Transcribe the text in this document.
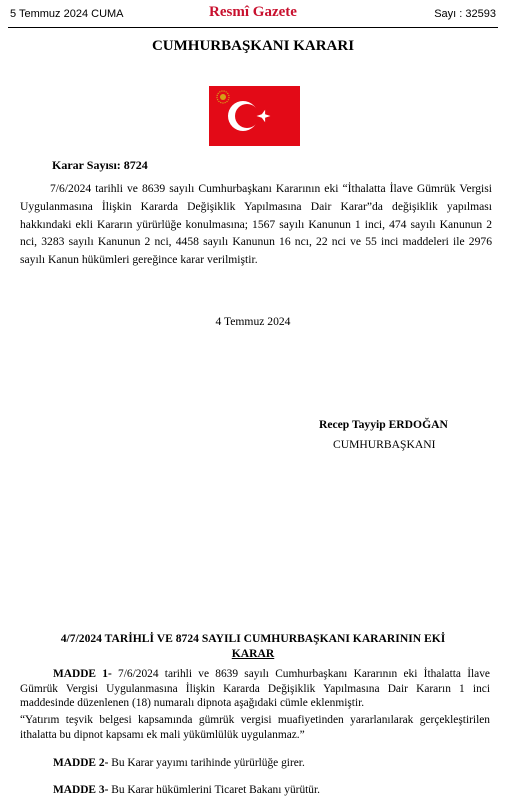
5 Temmuz 2024 CUMA	Resmî Gazete	Sayı : 32593
CUMHURBAŞKANI KARARI
Karar Sayısı: 8724
7/6/2024 tarihli ve 8639 sayılı Cumhurbaşkanı Kararının eki “İthalatta İlave Gümrük Vergisi Uygulanmasına İlişkin Kararda Değişiklik Yapılmasına Dair Karar”da değişiklik yapılması hakkındaki ekli Kararın yürürlüğe konulmasına; 1567 sayılı Kanunun 1 inci, 474 sayılı Kanunun 2 nci, 3283 sayılı Kanunun 2 nci, 4458 sayılı Kanunun 16 ncı, 22 nci ve 55 inci maddeleri ile 2976 sayılı Kanun hükümleri gereğince karar verilmiştir.
4 Temmuz 2024
Recep Tayyip ERDOĞAN
CUMHURBAŞKANI
4/7/2024 TARİHLİ VE 8724 SAYILI CUMHURBAŞKANI KARARININ EKİ
KARAR
MADDE 1- 7/6/2024 tarihli ve 8639 sayılı Cumhurbaşkanı Kararının eki İthalatta İlave Gümrük Vergisi Uygulanmasına İlişkin Kararda Değişiklik Yapılmasına Dair Kararın 1 inci maddesinde düzenlenen (18) numaralı dipnota aşağıdaki cümle eklenmiştir.
“Yatırım teşvik belgesi kapsamında gümrük vergisi muafiyetinden yararlanılarak gerçekleştirilen ithalatta bu dipnot kapsamı ek mali yükümlülük uygulanmaz.”
MADDE 2- Bu Karar yayımı tarihinde yürürlüğe girer.
MADDE 3- Bu Karar hükümlerini Ticaret Bakanı yürütür.
